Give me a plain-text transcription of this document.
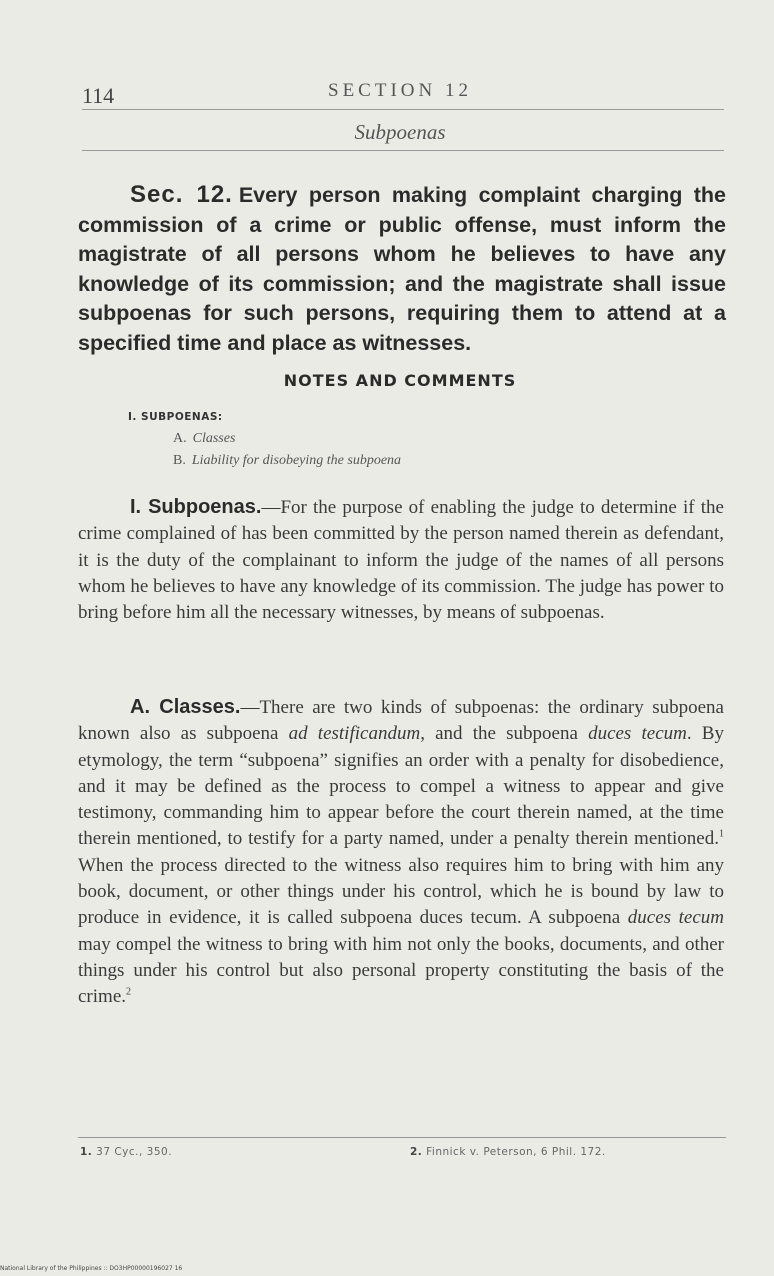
114	SECTION 12
Subpoenas

Sec. 12. Every person making complaint charging the commission of a crime or public offense, must inform the magistrate of all persons whom he believes to have any knowledge of its commission; and the magistrate shall issue subpoenas for such persons, requiring them to attend at a specified time and place as witnesses.

NOTES AND COMMENTS
I. SUBPOENAS:
A. Classes
B. Liability for disobeying the subpoena

I. Subpoenas.—For the purpose of enabling the judge to determine if the crime complained of has been committed by the person named therein as defendant, it is the duty of the complainant to inform the judge of the names of all persons whom he believes to have any knowledge of its commission. The judge has power to bring before him all the necessary witnesses, by means of subpoenas.

A. Classes.—There are two kinds of subpoenas: the ordinary subpoena known also as subpoena ad testificandum, and the subpoena duces tecum. By etymology, the term “subpoena” signifies an order with a penalty for disobedience, and it may be defined as the process to compel a witness to appear and give testimony, commanding him to appear before the court therein named, at the time therein mentioned, to testify for a party named, under a penalty therein mentioned.$^1$ When the process directed to the witness also requires him to bring with him any book, document, or other things under his control, which he is bound by law to produce in evidence, it is called subpoena duces tecum. A subpoena duces tecum may compel the witness to bring with him not only the books, documents, and other things under his control but also personal property constituting the basis of the crime.$^2$

1. 37 Cyc., 350.	2. Finnick v. Peterson, 6 Phil. 172.
National Library of the Philippines :: DO3HP00000196027 16
